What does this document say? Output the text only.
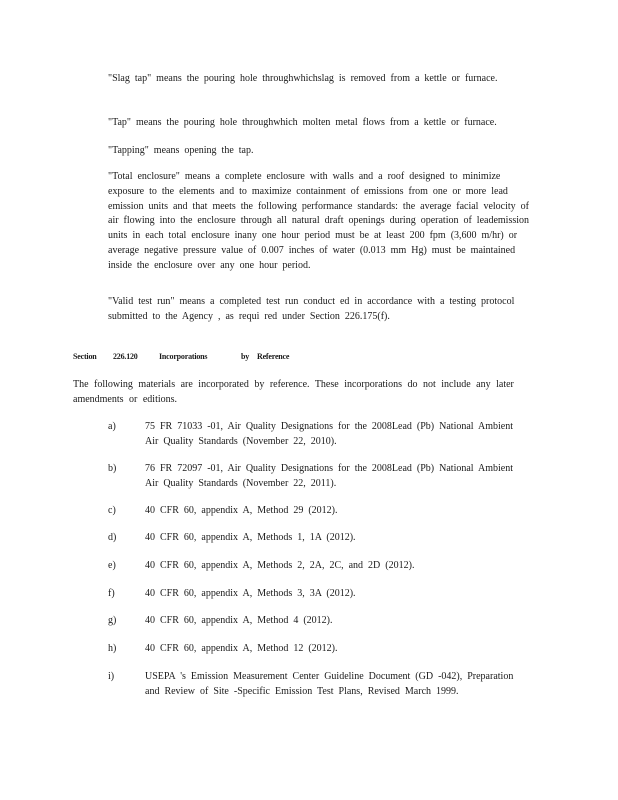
"Slag tap" means the pouring hole throughwhichslag is removed from a kettle or furnace.

"Tap" means the pouring hole throughwhich molten metal flows from a kettle or furnace.

"Tapping" means opening the tap.

"Total enclosure" means a complete enclosure with walls and a roof designed to minimize exposure to the elements and to maximize containment of emissions from one or more lead emission units and that meets the following performance standards: the average facial velocity of air flowing into the enclosure through all natural draft openings during operation of leademission units in each total enclosure inany one hour period must be at least 200 fpm (3,600 m/hr) or average negative pressure value of 0.007 inches of water (0.013 mm Hg) must be maintained inside the enclosure over any one hour period.

"Valid test run" means a completed test run conduct ed in accordance with a testing protocol submitted to the Agency , as requi red under Section 226.175(f).

Section 226.120	Incorporations	by Reference

The following materials are incorporated by reference. These incorporations do not include any later amendments or editions.

a)	75 FR 71033 -01, Air Quality Designations for the 2008Lead (Pb) National Ambient Air Quality Standards (November 22, 2010).
b)	76 FR 72097 -01, Air Quality Designations for the 2008Lead (Pb) National Ambient Air Quality Standards (November 22, 2011).
c)	40 CFR 60, appendix A, Method 29 (2012).
d)	40 CFR 60, appendix A, Methods 1, 1A (2012).
e)	40 CFR 60, appendix A, Methods 2, 2A, 2C, and 2D (2012).
f)	40 CFR 60, appendix A, Methods 3, 3A (2012).
g)	40 CFR 60, appendix A, Method 4 (2012).
h)	40 CFR 60, appendix A, Method 12 (2012).
i)	USEPA 's Emission Measurement Center Guideline Document (GD -042), Preparation and Review of Site -Specific Emission Test Plans, Revised March 1999.
